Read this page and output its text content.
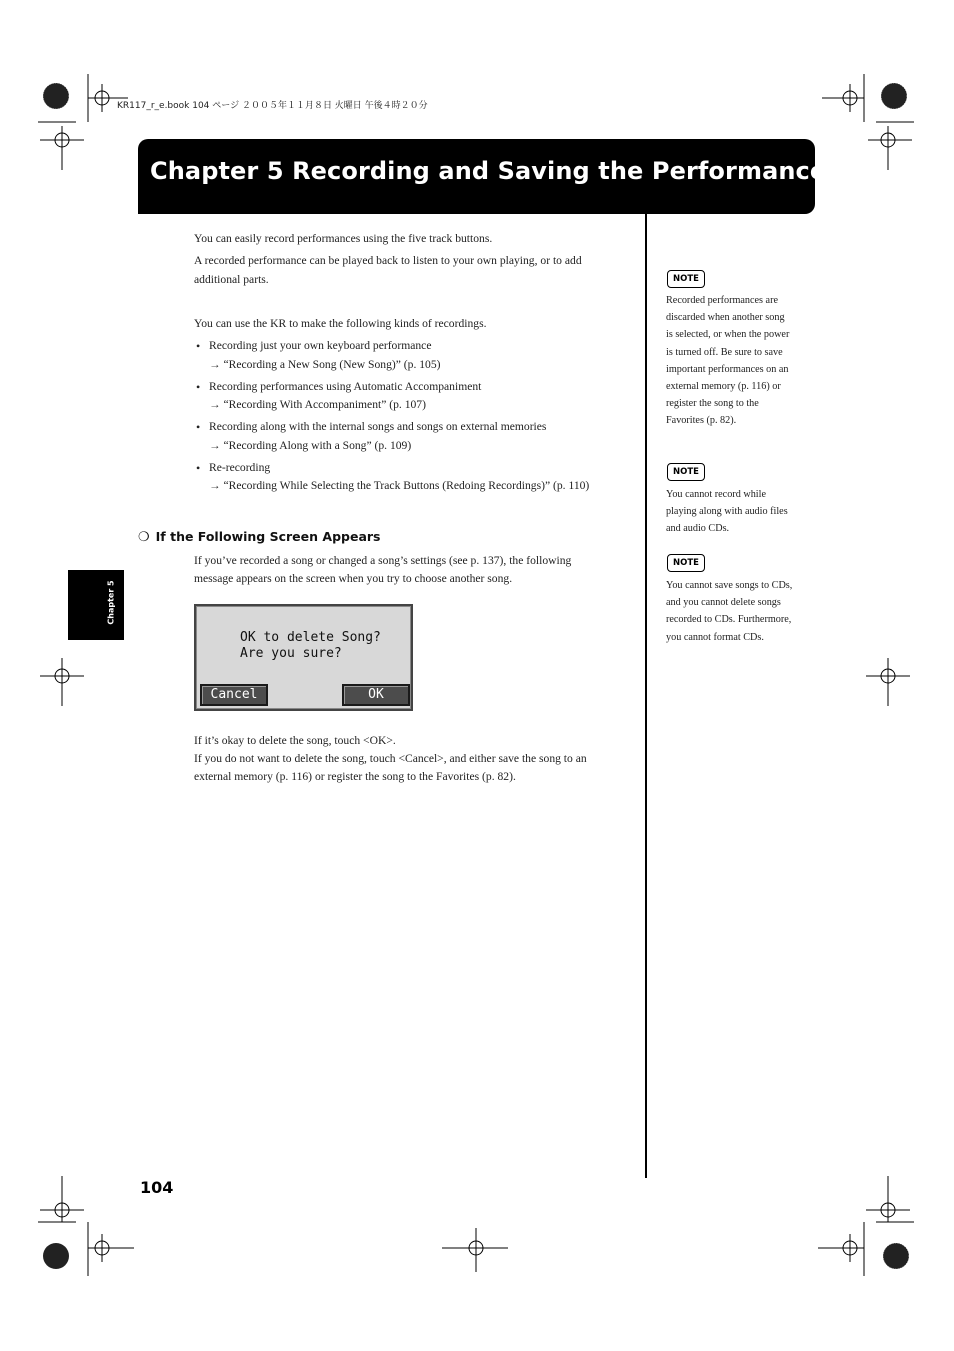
KR117_r_e.book 104 ページ ２００５年１１月８日 火曜日 午後４時２０分
Chapter 5 Recording and Saving the Performance
Chapter 5
You can easily record performances using the five track buttons.
A recorded performance can be played back to listen to your own playing, or to add
additional parts.
You can use the KR to make the following kinds of recordings.
• Recording just your own keyboard performance
→ “Recording a New Song (New Song)” (p. 105)
• Recording performances using Automatic Accompaniment
→ “Recording With Accompaniment” (p. 107)
• Recording along with the internal songs and songs on external memories
→ “Recording Along with a Song” (p. 109)
• Re-recording
→ “Recording While Selecting the Track Buttons (Redoing Recordings)” (p. 110)
❍ If the Following Screen Appears
If you’ve recorded a song or changed a song’s settings (see p. 137), the following
message appears on the screen when you try to choose another song.
OK to delete Song?
Are you sure?
Cancel	OK
If it’s okay to delete the song, touch <OK>.
If you do not want to delete the song, touch <Cancel>, and either save the song to an
external memory (p. 116) or register the song to the Favorites (p. 82).
NOTE
Recorded performances are
discarded when another song
is selected, or when the power
is turned off. Be sure to save
important performances on an
external memory (p. 116) or
register the song to the
Favorites (p. 82).
NOTE
You cannot record while
playing along with audio files
and audio CDs.
NOTE
You cannot save songs to CDs,
and you cannot delete songs
recorded to CDs. Furthermore,
you cannot format CDs.
104
